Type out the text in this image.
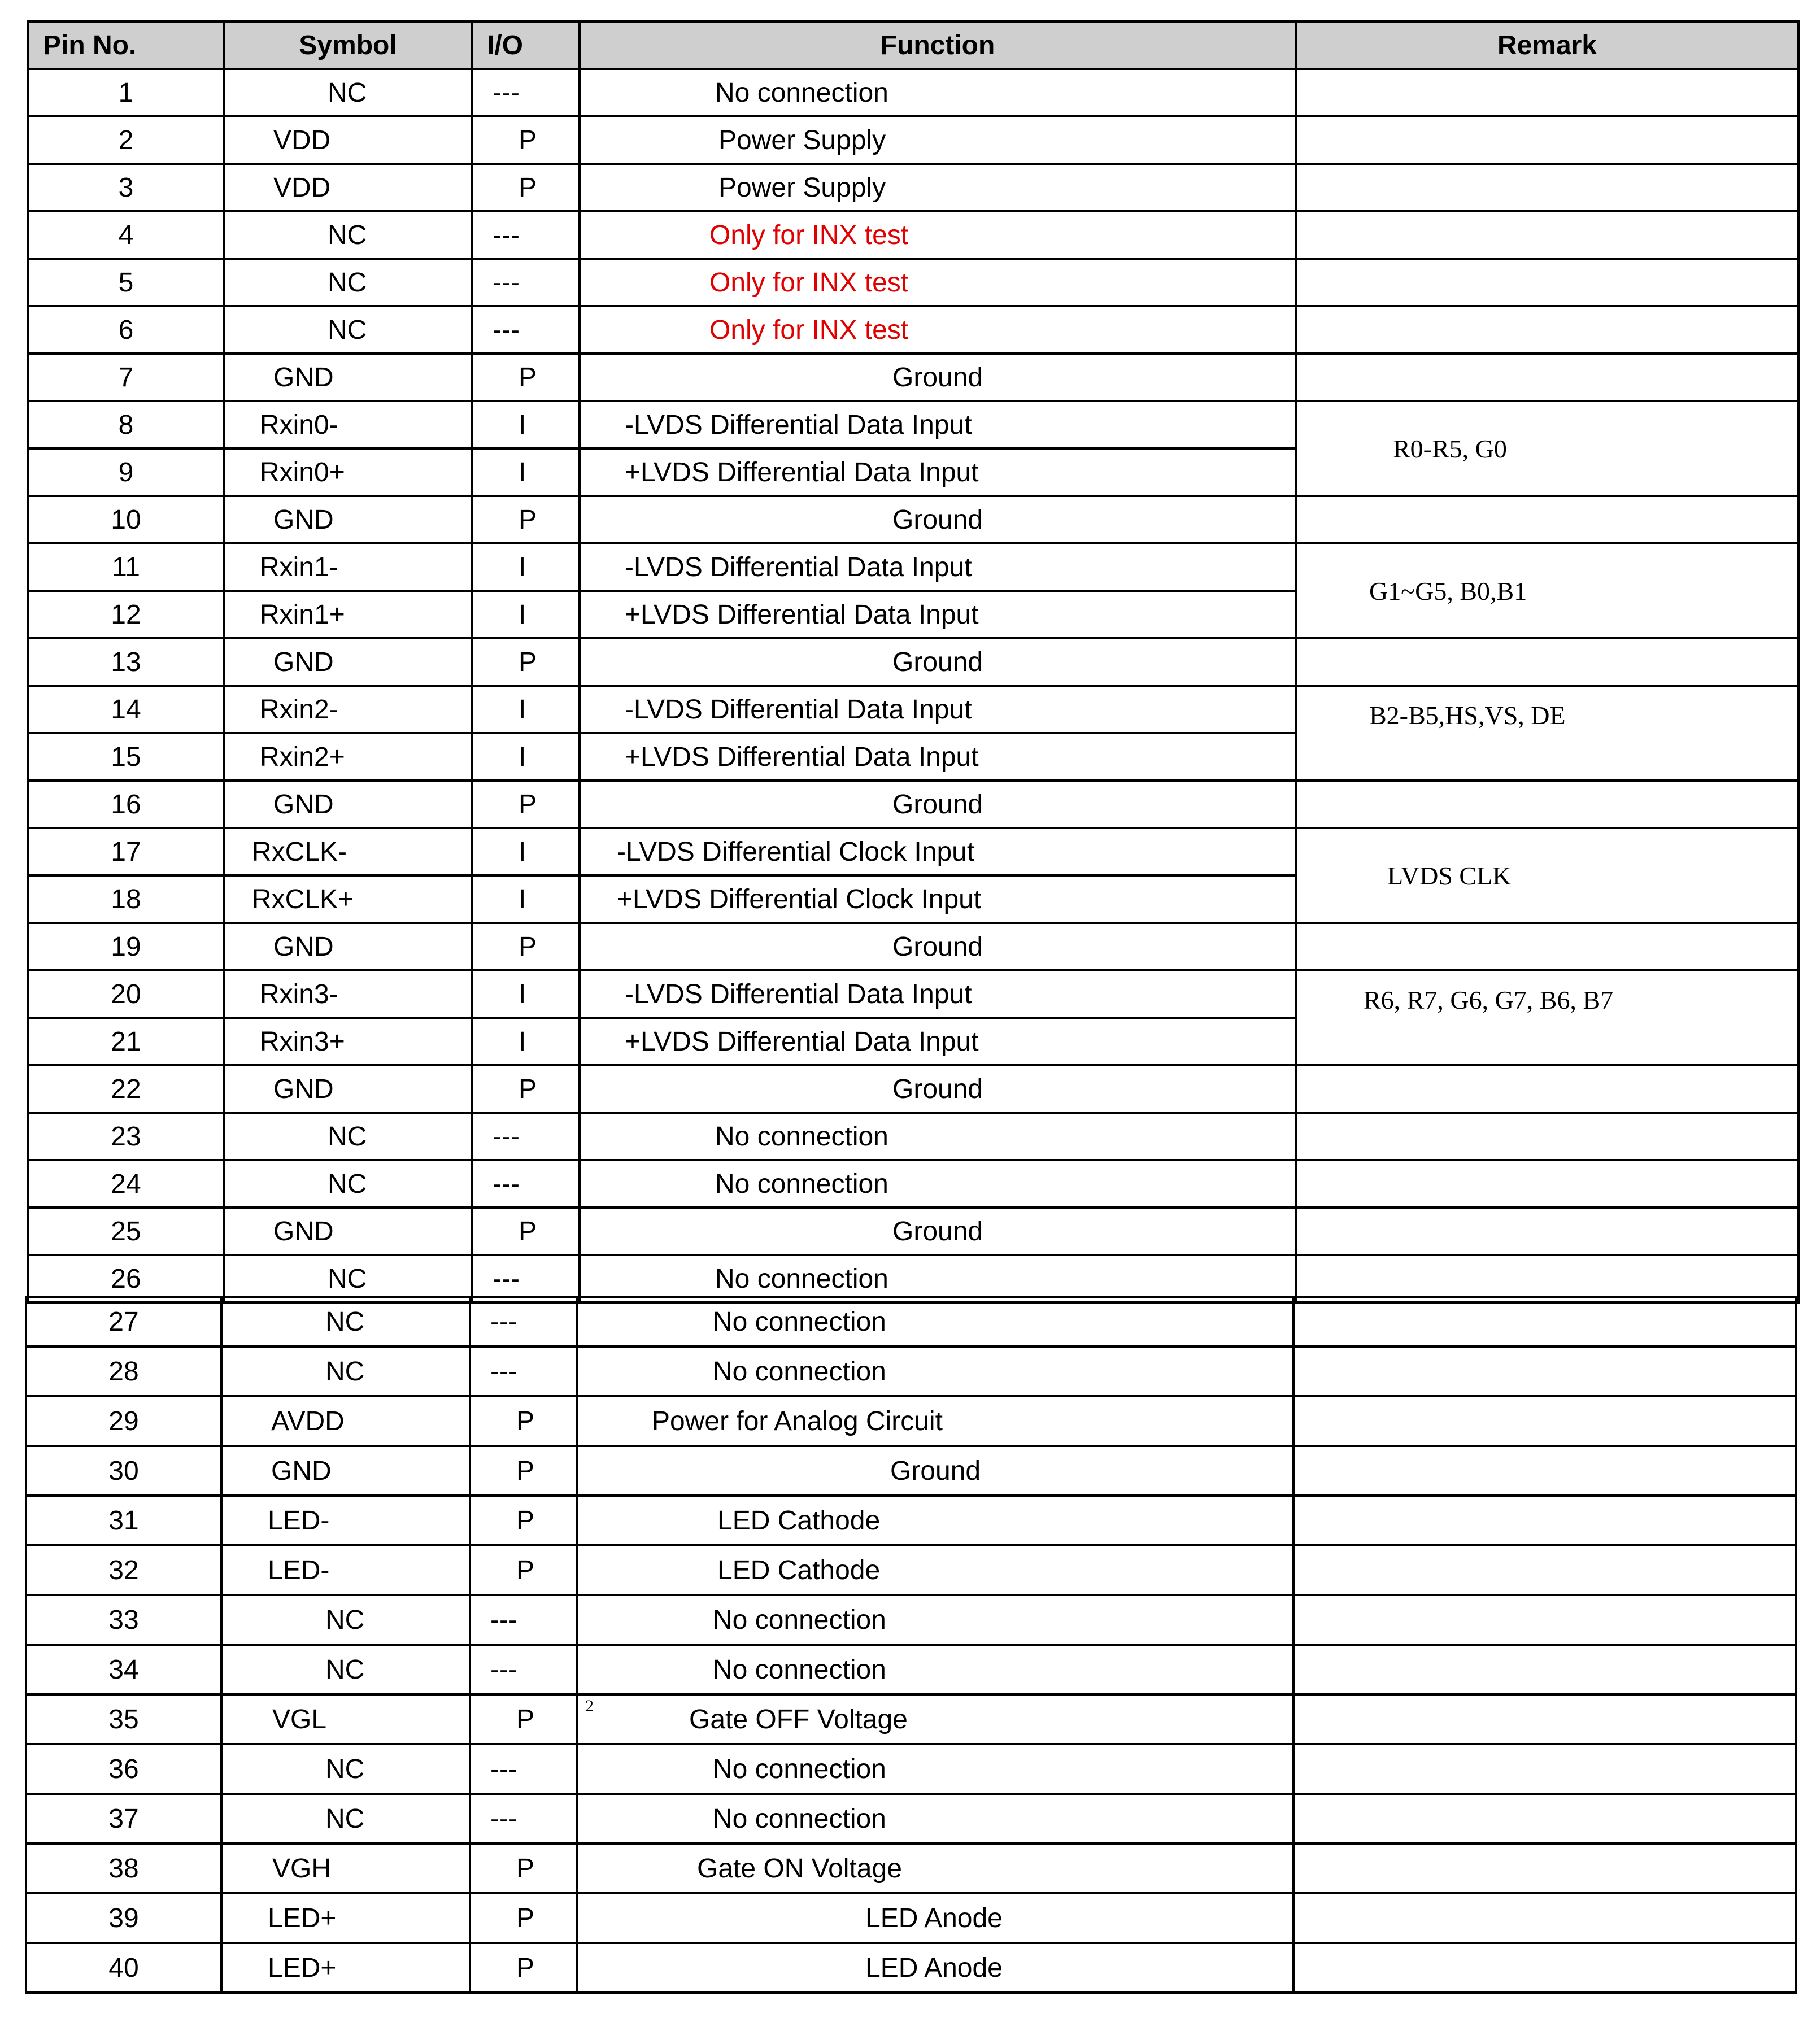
Pin No.	Symbol	I/O	Function	Remark
1	NC	---	No connection	
2	VDD	P	Power Supply	
3	VDD	P	Power Supply	
4	NC	---	Only for INX test	
5	NC	---	Only for INX test	
6	NC	---	Only for INX test	
7	GND	P	Ground	
8	Rxin0-	I	-LVDS Differential Data Input	R0-R5, G0
9	Rxin0+	I	+LVDS Differential Data Input	
10	GND	P	Ground	
11	Rxin1-	I	-LVDS Differential Data Input	G1~G5, B0,B1
12	Rxin1+	I	+LVDS Differential Data Input	
13	GND	P	Ground	
14	Rxin2-	I	-LVDS Differential Data Input	B2-B5,HS,VS, DE
15	Rxin2+	I	+LVDS Differential Data Input	
16	GND	P	Ground	
17	RxCLK-	I	-LVDS Differential Clock Input	LVDS CLK
18	RxCLK+	I	+LVDS Differential Clock Input	
19	GND	P	Ground	
20	Rxin3-	I	-LVDS Differential Data Input	R6, R7, G6, G7, B6, B7
21	Rxin3+	I	+LVDS Differential Data Input	
22	GND	P	Ground	
23	NC	---	No connection	
24	NC	---	No connection	
25	GND	P	Ground	
26	NC	---	No connection	
27	NC	---	No connection	
28	NC	---	No connection	
29	AVDD	P	Power for Analog Circuit	
30	GND	P	Ground	
31	LED-	P	LED Cathode	
32	LED-	P	LED Cathode	
33	NC	---	No connection	
34	NC	---	No connection	
35	VGL	P	2 Gate OFF Voltage	
36	NC	---	No connection	
37	NC	---	No connection	
38	VGH	P	Gate ON Voltage	
39	LED+	P	LED Anode	
40	LED+	P	LED Anode	
